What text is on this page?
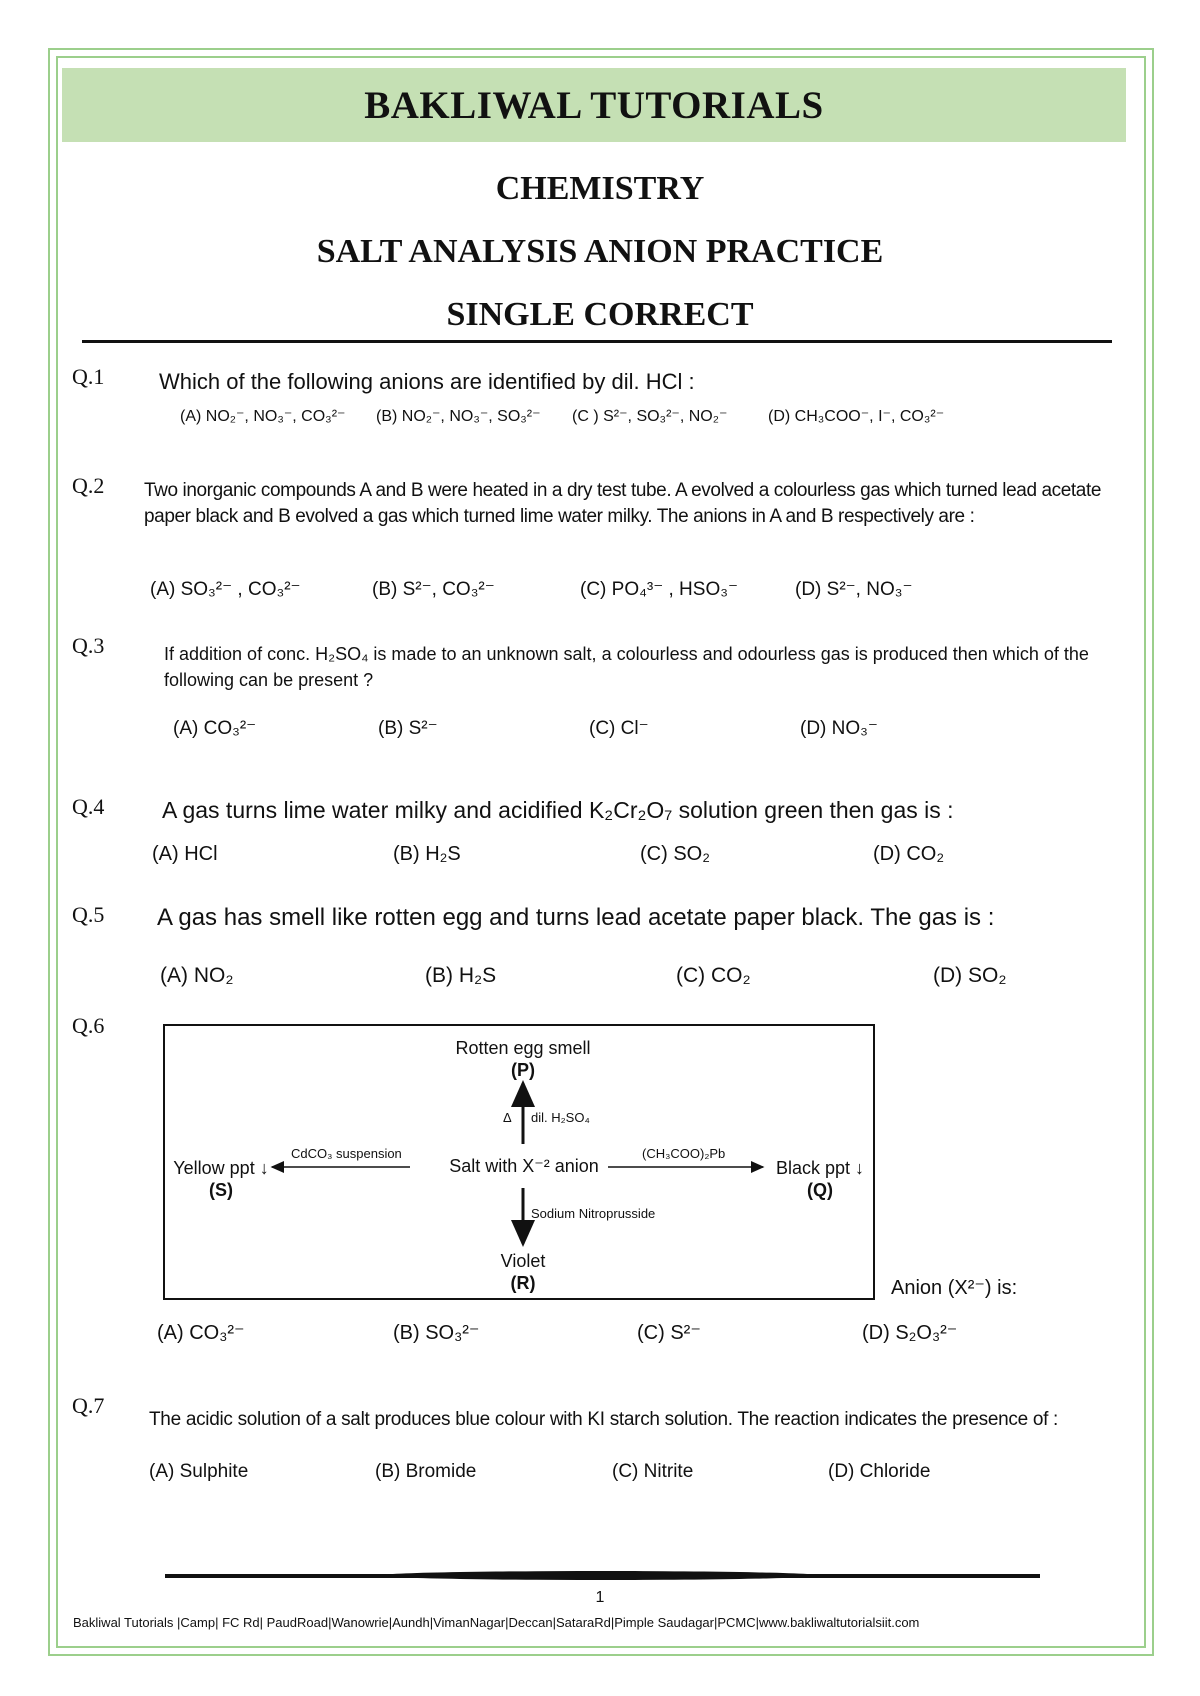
BAKLIWAL TUTORIALS
CHEMISTRY
SALT ANALYSIS ANION PRACTICE
SINGLE CORRECT
Q.1 Which of the following anions are identified by dil. HCl :
(A) NO₂⁻, NO₃⁻, CO₃²⁻ (B) NO₂⁻, NO₃⁻, SO₃²⁻ (C ) S²⁻, SO₃²⁻, NO₂⁻	(D) CH₃COO⁻, I⁻, CO₃²⁻
Q.2 Two inorganic compounds A and B were heated in a dry test tube. A evolved a colourless gas which turned lead acetate paper black and B evolved a gas which turned lime water milky. The anions in A and B respectively are :
(A) SO₃²⁻ , CO₃²⁻	(B) S²⁻, CO₃²⁻	(C) PO₄³⁻ , HSO₃⁻	(D) S²⁻, NO₃⁻
Q.3	If addition of conc. H₂SO₄ is made to an unknown salt, a colourless and odourless gas is produced then which of the following can be present ?
(A) CO₃²⁻	(B) S²⁻	(C) Cl⁻	(D) NO₃⁻
Q.4	A gas turns lime water milky and acidified K₂Cr₂O₇ solution green then gas is :
(A) HCl	(B) H₂S	(C) SO₂	(D) CO₂
Q.5 A gas has smell like rotten egg and turns lead acetate paper black. The gas is :
(A) NO₂	(B) H₂S	(C) CO₂	(D) SO₂
Q.6
Rotten egg smell
(P)
Δ dil. H₂SO₄
Salt with X⁻² anion
Yellow ppt ↓
(S)
CdCO₃ suspension
Black ppt ↓
(Q)
(CH₃COO)₂Pb
Sodium Nitroprusside
Violet
(R)	Anion (X²⁻) is:
(A) CO₃²⁻	(B) SO₃²⁻	(C) S²⁻	(D) S₂O₃²⁻
Q.7
The acidic solution of a salt produces blue colour with KI starch solution. The reaction indicates the presence of :
(A) Sulphite	(B) Bromide	(C) Nitrite	(D) Chloride
1
Bakliwal Tutorials |Camp| FC Rd| PaudRoad|Wanowrie|Aundh|VimanNagar|Deccan|SataraRd|Pimple Saudagar|PCMC|www.bakliwaltutorialsiit.com
